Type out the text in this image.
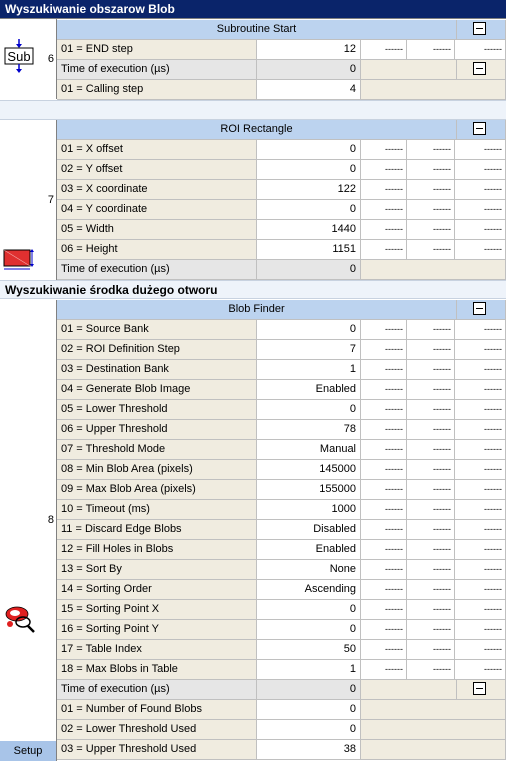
Wyszukiwanie obszarow Blob
Sub 6
Subroutine Start
01 = END step	12	------	------	------
Time of execution (µs)	0
01 = Calling step	4
7
ROI Rectangle
01 = X offset	0	------	------	------
02 = Y offset	0	------	------	------
03 = X coordinate	122	------	------	------
04 = Y coordinate	0	------	------	------
05 = Width	1440	------	------	------
06 = Height	1151	------	------	------
Time of execution (µs)	0
Wyszukiwanie środka dużego otworu
8
Setup
Blob Finder
01 = Source Bank	0	------	------	------
02 = ROI Definition Step	7	------	------	------
03 = Destination Bank	1	------	------	------
04 = Generate Blob Image	Enabled	------	------	------
05 = Lower Threshold	0	------	------	------
06 = Upper Threshold	78	------	------	------
07 = Threshold Mode	Manual	------	------	------
08 = Min Blob Area (pixels)	145000	------	------	------
09 = Max Blob Area (pixels)	155000	------	------	------
10 = Timeout (ms)	1000	------	------	------
11 = Discard Edge Blobs	Disabled	------	------	------
12 = Fill Holes in Blobs	Enabled	------	------	------
13 = Sort By	None	------	------	------
14 = Sorting Order	Ascending	------	------	------
15 = Sorting Point X	0	------	------	------
16 = Sorting Point Y	0	------	------	------
17 = Table Index	50	------	------	------
18 = Max Blobs in Table	1	------	------	------
Time of execution (µs)	0
01 = Number of Found Blobs	0
02 = Lower Threshold Used	0
03 = Upper Threshold Used	38
